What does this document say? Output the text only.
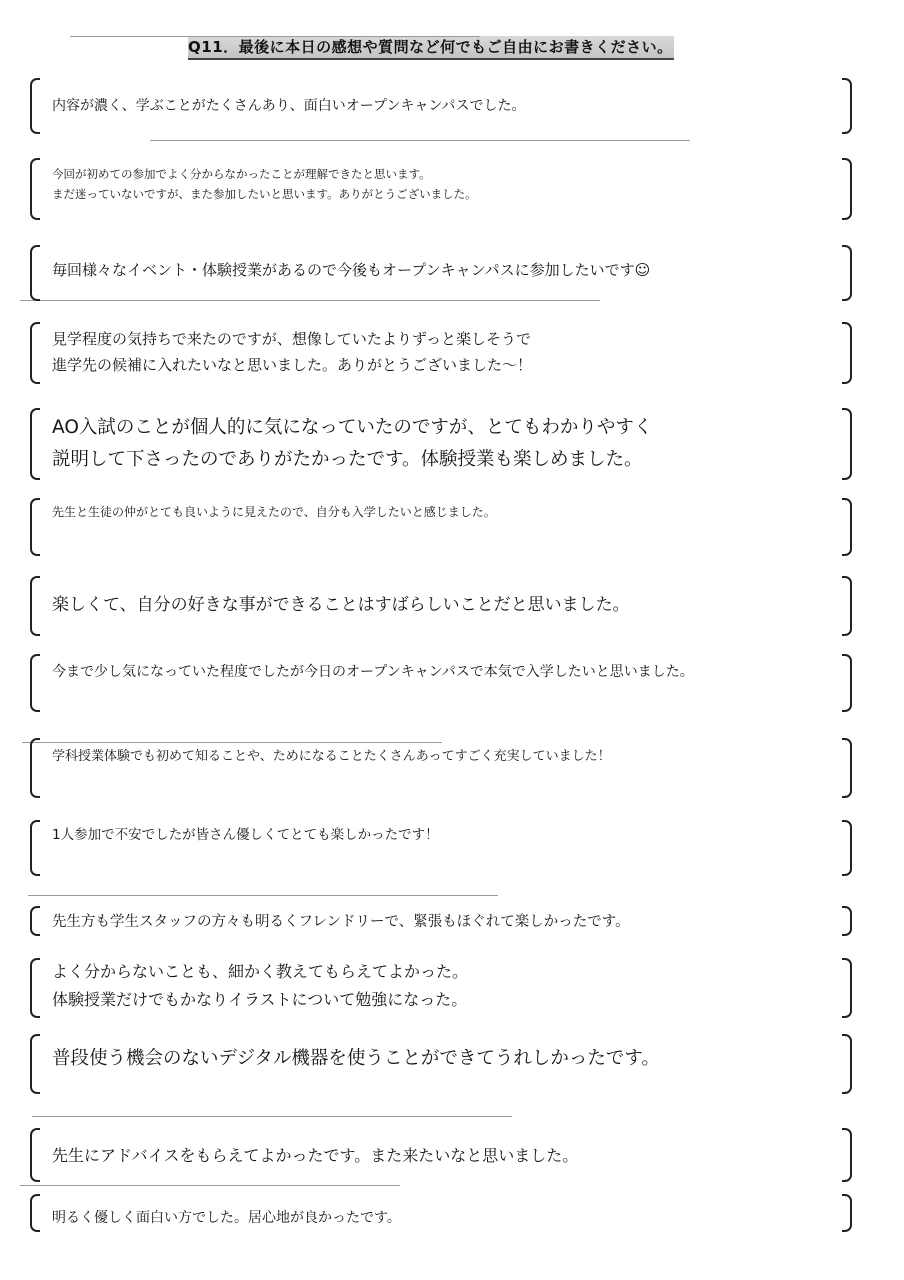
Q11．最後に本日の感想や質問など何でもご自由にお書きください。
内容が濃く、学ぶことがたくさんあり、面白いオープンキャンパスでした。
今回が初めての参加でよく分からなかったことが理解できたと思います。
まだ迷っていないですが、また参加したいと思います。ありがとうございました。
毎回様々なイベント・体験授業があるので今後もオープンキャンパスに参加したいです☺
見学程度の気持ちで来たのですが、想像していたよりずっと楽しそうで
進学先の候補に入れたいなと思いました。ありがとうございました～！
AO入試のことが個人的に気になっていたのですが、とてもわかりやすく
説明して下さったのでありがたかったです。体験授業も楽しめました。
先生と生徒の仲がとても良いように見えたので、自分も入学したいと感じました。
楽しくて、自分の好きな事ができることはすばらしいことだと思いました。
今まで少し気になっていた程度でしたが今日のオープンキャンパスで本気で入学したいと思いました。
学科授業体験でも初めて知ることや、ためになることたくさんあってすごく充実していました！
1人参加で不安でしたが皆さん優しくてとても楽しかったです！
先生方も学生スタッフの方々も明るくフレンドリーで、緊張もほぐれて楽しかったです。
よく分からないことも、細かく教えてもらえてよかった。
体験授業だけでもかなりイラストについて勉強になった。
普段使う機会のないデジタル機器を使うことができてうれしかったです。
先生にアドバイスをもらえてよかったです。また来たいなと思いました。
明るく優しく面白い方でした。居心地が良かったです。
